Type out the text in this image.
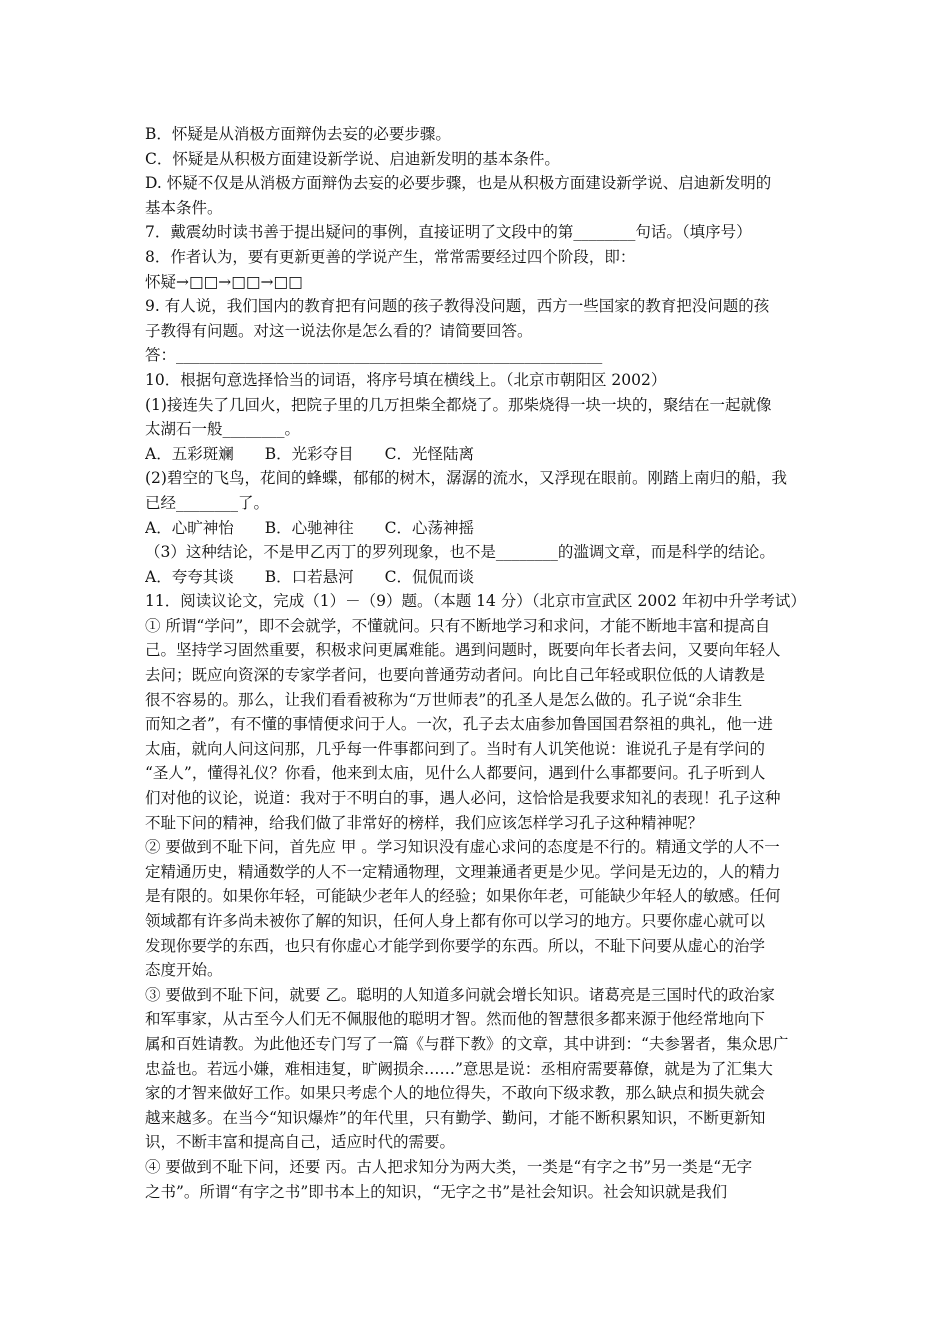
B．怀疑是从消极方面辩伪去妄的必要步骤。
C．怀疑是从积极方面建设新学说、启迪新发明的基本条件。
D. 怀疑不仅是从消极方面辩伪去妄的必要步骤，也是从积极方面建设新学说、启迪新发明的
基本条件。
7．戴震幼时读书善于提出疑问的事例，直接证明了文段中的第________句话。（填序号）
8．作者认为，要有更新更善的学说产生，常常需要经过四个阶段，即：
怀疑→□□→□□→□□
9. 有人说，我们国内的教育把有问题的孩子教得没问题，西方一些国家的教育把没问题的孩
子教得有问题。对这一说法你是怎么看的？请简要回答。
答：_______________________________________________________
10．根据句意选择恰当的词语，将序号填在横线上。（北京市朝阳区 2002）
(1)接连失了几回火，把院子里的几万担柴全都烧了。那柴烧得一块一块的，聚结在一起就像
太湖石一般________。
A．五彩斑斓　　B．光彩夺目　　C．光怪陆离
(2)碧空的飞鸟，花间的蜂蝶，郁郁的树木，潺潺的流水，又浮现在眼前。刚踏上南归的船，我
已经________了。
A．心旷神怡　　B．心驰神往　　C．心荡神摇
（3）这种结论，不是甲乙丙丁的罗列现象，也不是________的滥调文章，而是科学的结论。
A．夸夸其谈　　B．口若悬河　　C．侃侃而谈
11．阅读议论文，完成（1）－（9）题。（本题 14 分）（北京市宣武区 2002 年初中升学考试）
① 所谓“学问”，即不会就学，不懂就问。只有不断地学习和求问，才能不断地丰富和提高自
己。坚持学习固然重要，积极求问更属难能。遇到问题时，既要向年长者去问，又要向年轻人
去问；既应向资深的专家学者问，也要向普通劳动者问。向比自己年轻或职位低的人请教是
很不容易的。那么，让我们看看被称为“万世师表”的孔圣人是怎么做的。孔子说“余非生
而知之者”，有不懂的事情便求问于人。一次，孔子去太庙参加鲁国国君祭祖的典礼，他一进
太庙，就向人问这问那，几乎每一件事都问到了。当时有人讥笑他说：谁说孔子是有学问的
“圣人”，懂得礼仪？你看，他来到太庙，见什么人都要问，遇到什么事都要问。孔子听到人
们对他的议论，说道：我对于不明白的事，遇人必问，这恰恰是我要求知礼的表现！孔子这种
不耻下问的精神，给我们做了非常好的榜样，我们应该怎样学习孔子这种精神呢？
② 要做到不耻下问，首先应 甲 。学习知识没有虚心求问的态度是不行的。精通文学的人不一
定精通历史，精通数学的人不一定精通物理，文理兼通者更是少见。学问是无边的，人的精力
是有限的。如果你年轻，可能缺少老年人的经验；如果你年老，可能缺少年轻人的敏感。任何
领域都有许多尚未被你了解的知识，任何人身上都有你可以学习的地方。只要你虚心就可以
发现你要学的东西，也只有你虚心才能学到你要学的东西。所以，不耻下问要从虚心的治学
态度开始。
③ 要做到不耻下问，就要 乙。聪明的人知道多问就会增长知识。诸葛亮是三国时代的政治家
和军事家，从古至今人们无不佩服他的聪明才智。然而他的智慧很多都来源于他经常地向下
属和百姓请教。为此他还专门写了一篇《与群下教》的文章，其中讲到：“夫参署者，集众思广
忠益也。若远小嫌，难相违复，旷阙损余……”意思是说：丞相府需要幕僚，就是为了汇集大
家的才智来做好工作。如果只考虑个人的地位得失，不敢向下级求教，那么缺点和损失就会
越来越多。在当今“知识爆炸”的年代里，只有勤学、勤问，才能不断积累知识，不断更新知
识，不断丰富和提高自己，适应时代的需要。
④ 要做到不耻下问，还要 丙。古人把求知分为两大类，一类是“有字之书”另一类是“无字
之书”。所谓“有字之书”即书本上的知识，“无字之书”是社会知识。社会知识就是我们
